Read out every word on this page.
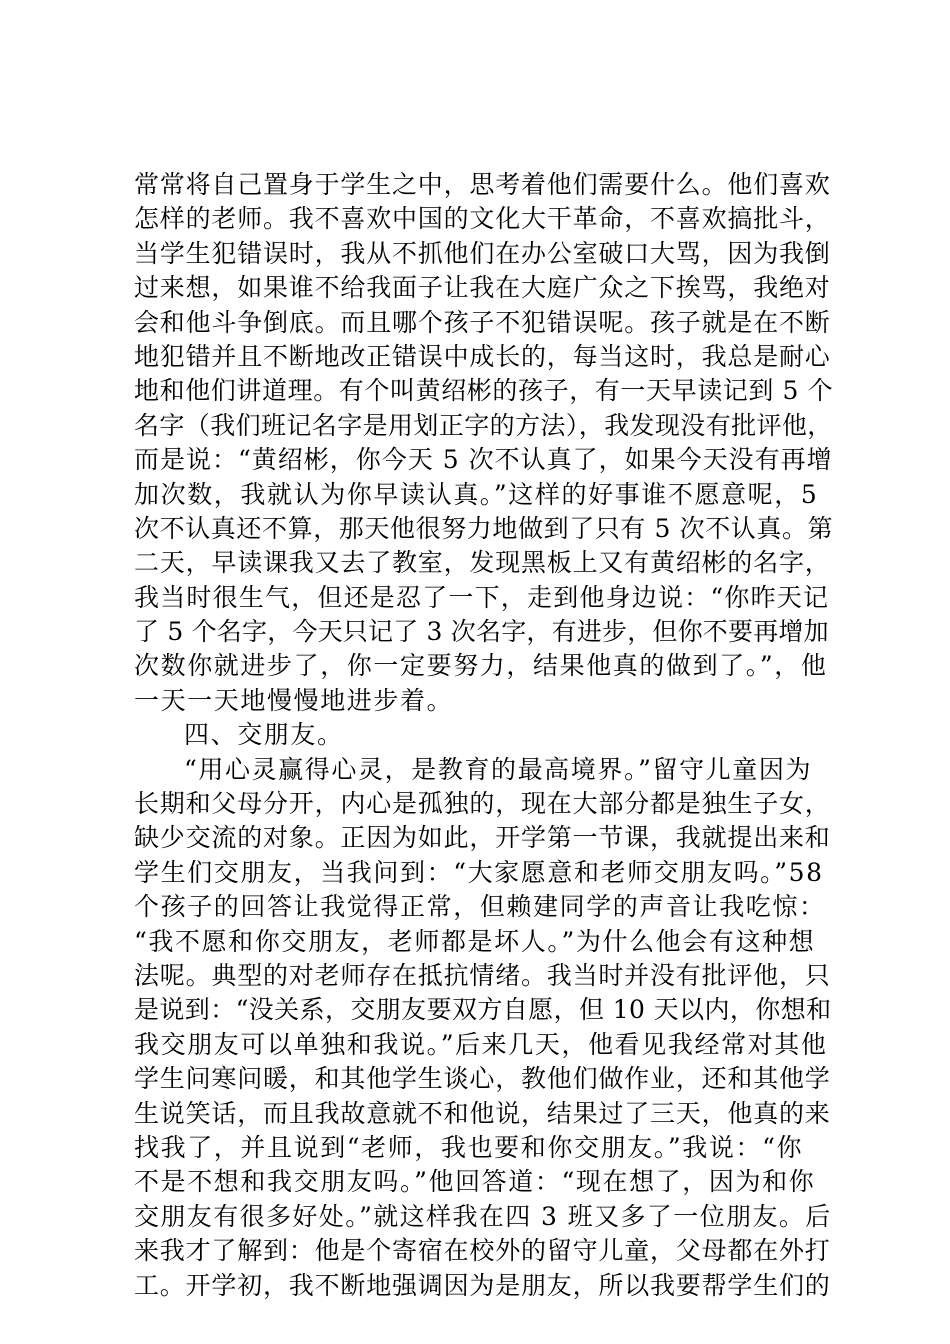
常常将自己置身于学生之中，思考着他们需要什么。他们喜欢
怎样的老师。我不喜欢中国的文化大干革命，不喜欢搞批斗，
当学生犯错误时，我从不抓他们在办公室破口大骂，因为我倒
过来想，如果谁不给我面子让我在大庭广众之下挨骂，我绝对
会和他斗争倒底。而且哪个孩子不犯错误呢。孩子就是在不断
地犯错并且不断地改正错误中成长的，每当这时，我总是耐心
地和他们讲道理。有个叫黄绍彬的孩子，有一天早读记到 5 个
名字（我们班记名字是用划正字的方法），我发现没有批评他，
而是说：“黄绍彬，你今天 5 次不认真了，如果今天没有再增
加次数，我就认为你早读认真。”这样的好事谁不愿意呢，5
次不认真还不算，那天他很努力地做到了只有 5 次不认真。第
二天，早读课我又去了教室，发现黑板上又有黄绍彬的名字，
我当时很生气，但还是忍了一下，走到他身边说：“你昨天记
了 5 个名字，今天只记了 3 次名字，有进步，但你不要再增加
次数你就进步了，你一定要努力，结果他真的做到了。”，他
一天一天地慢慢地进步着。
四、交朋友。
“用心灵赢得心灵，是教育的最高境界。”留守儿童因为
长期和父母分开，内心是孤独的，现在大部分都是独生子女，
缺少交流的对象。正因为如此，开学第一节课，我就提出来和
学生们交朋友，当我问到：“大家愿意和老师交朋友吗。”58
个孩子的回答让我觉得正常，但赖建同学的声音让我吃惊：
“我不愿和你交朋友，老师都是坏人。”为什么他会有这种想
法呢。典型的对老师存在抵抗情绪。我当时并没有批评他，只
是说到：“没关系，交朋友要双方自愿，但 10 天以内，你想和
我交朋友可以单独和我说。”后来几天，他看见我经常对其他
学生问寒问暖，和其他学生谈心，教他们做作业，还和其他学
生说笑话，而且我故意就不和他说，结果过了三天，他真的来
找我了，并且说到“老师，我也要和你交朋友。”我说：“你
不是不想和我交朋友吗。”他回答道：“现在想了，因为和你
交朋友有很多好处。”就这样我在四 3 班又多了一位朋友。后
来我才了解到：他是个寄宿在校外的留守儿童，父母都在外打
工。开学初，我不断地强调因为是朋友，所以我要帮学生们的
